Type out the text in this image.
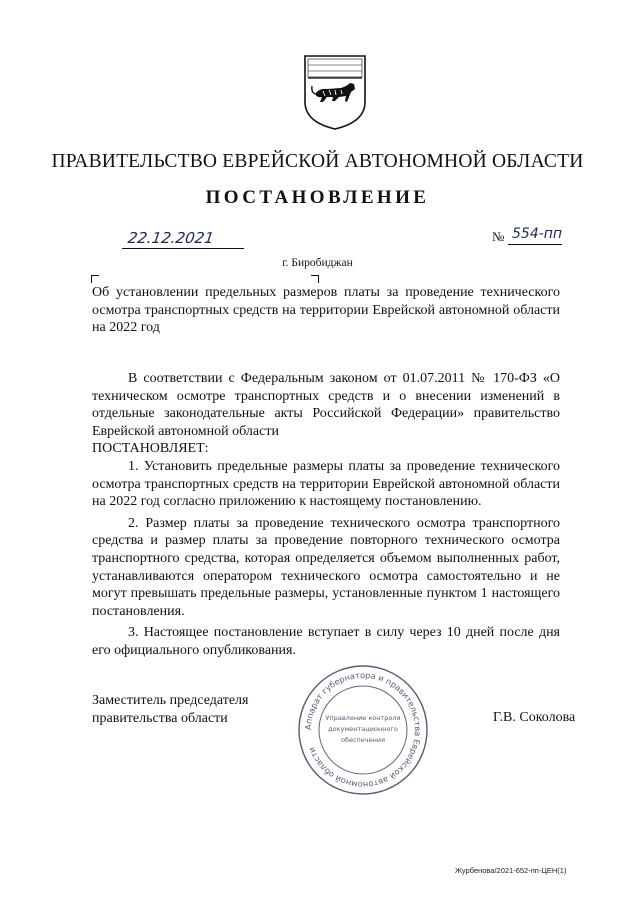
ПРАВИТЕЛЬСТВО ЕВРЕЙСКОЙ АВТОНОМНОЙ ОБЛАСТИ
ПОСТАНОВЛЕНИЕ
22.12.2021	№ 554-пп
г. Биробиджан
Об установлении предельных размеров платы за проведение технического осмотра транспортных средств на территории Еврейской автономной области на 2022 год

В соответствии с Федеральным законом от 01.07.2011 № 170-ФЗ «О техническом осмотре транспортных средств и о внесении изменений в отдельные законодательные акты Российской Федерации» правительство Еврейской автономной области

ПОСТАНОВЛЯЕТ:

1. Установить предельные размеры платы за проведение технического осмотра транспортных средств на территории Еврейской автономной области на 2022 год согласно приложению к настоящему постановлению.

2. Размер платы за проведение технического осмотра транспортного средства и размер платы за проведение повторного технического осмотра транспортного средства, которая определяется объемом выполненных работ, устанавливаются оператором технического осмотра самостоятельно и не могут превышать предельные размеры, установленные пунктом 1 настоящего постановления.

3. Настоящее постановление вступает в силу через 10 дней после дня его официального опубликования.

Заместитель председателя
правительства области	Г.В. Соколова
Аппарат губернатора и правительства Еврейской автономной области
Управление контроля
документационного
обеспечения
Журбенова/2021-652-пп-ЦЕН(1)
